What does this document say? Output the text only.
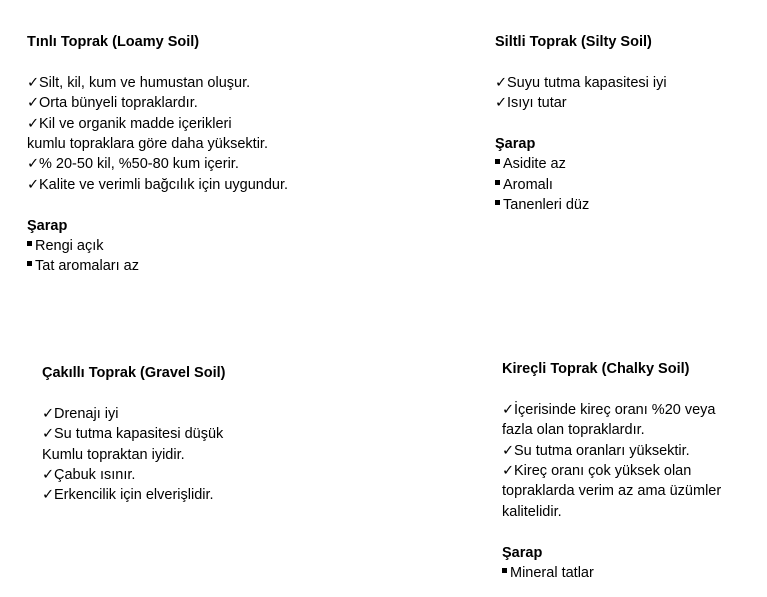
Tınlı Toprak (Loamy Soil)

✓Silt, kil, kum ve humustan oluşur.

✓Orta bünyeli topraklardır.

✓Kil ve organik madde içerikleri

kumlu topraklara göre daha yüksektir.

✓% 20-50 kil, %50-80 kum içerir.

✓Kalite ve verimli bağcılık için uygundur.

Şarap

Rengi açık

Tat aromaları az

Siltli Toprak (Silty Soil)

✓Suyu tutma kapasitesi iyi

✓Isıyı tutar

Şarap

Asidite az

Aromalı

Tanenleri düz

Çakıllı Toprak (Gravel Soil)

✓Drenajı iyi

✓Su tutma kapasitesi düşük

Kumlu topraktan iyidir.

✓Çabuk ısınır.

✓Erkencilik için elverişlidir.

Kireçli Toprak (Chalky Soil)

✓İçerisinde kireç oranı %20 veya

fazla olan topraklardır.

✓Su tutma oranları yüksektir.

✓Kireç oranı çok yüksek olan

topraklarda verim az ama üzümler

kalitelidir.

Şarap

Mineral tatlar
